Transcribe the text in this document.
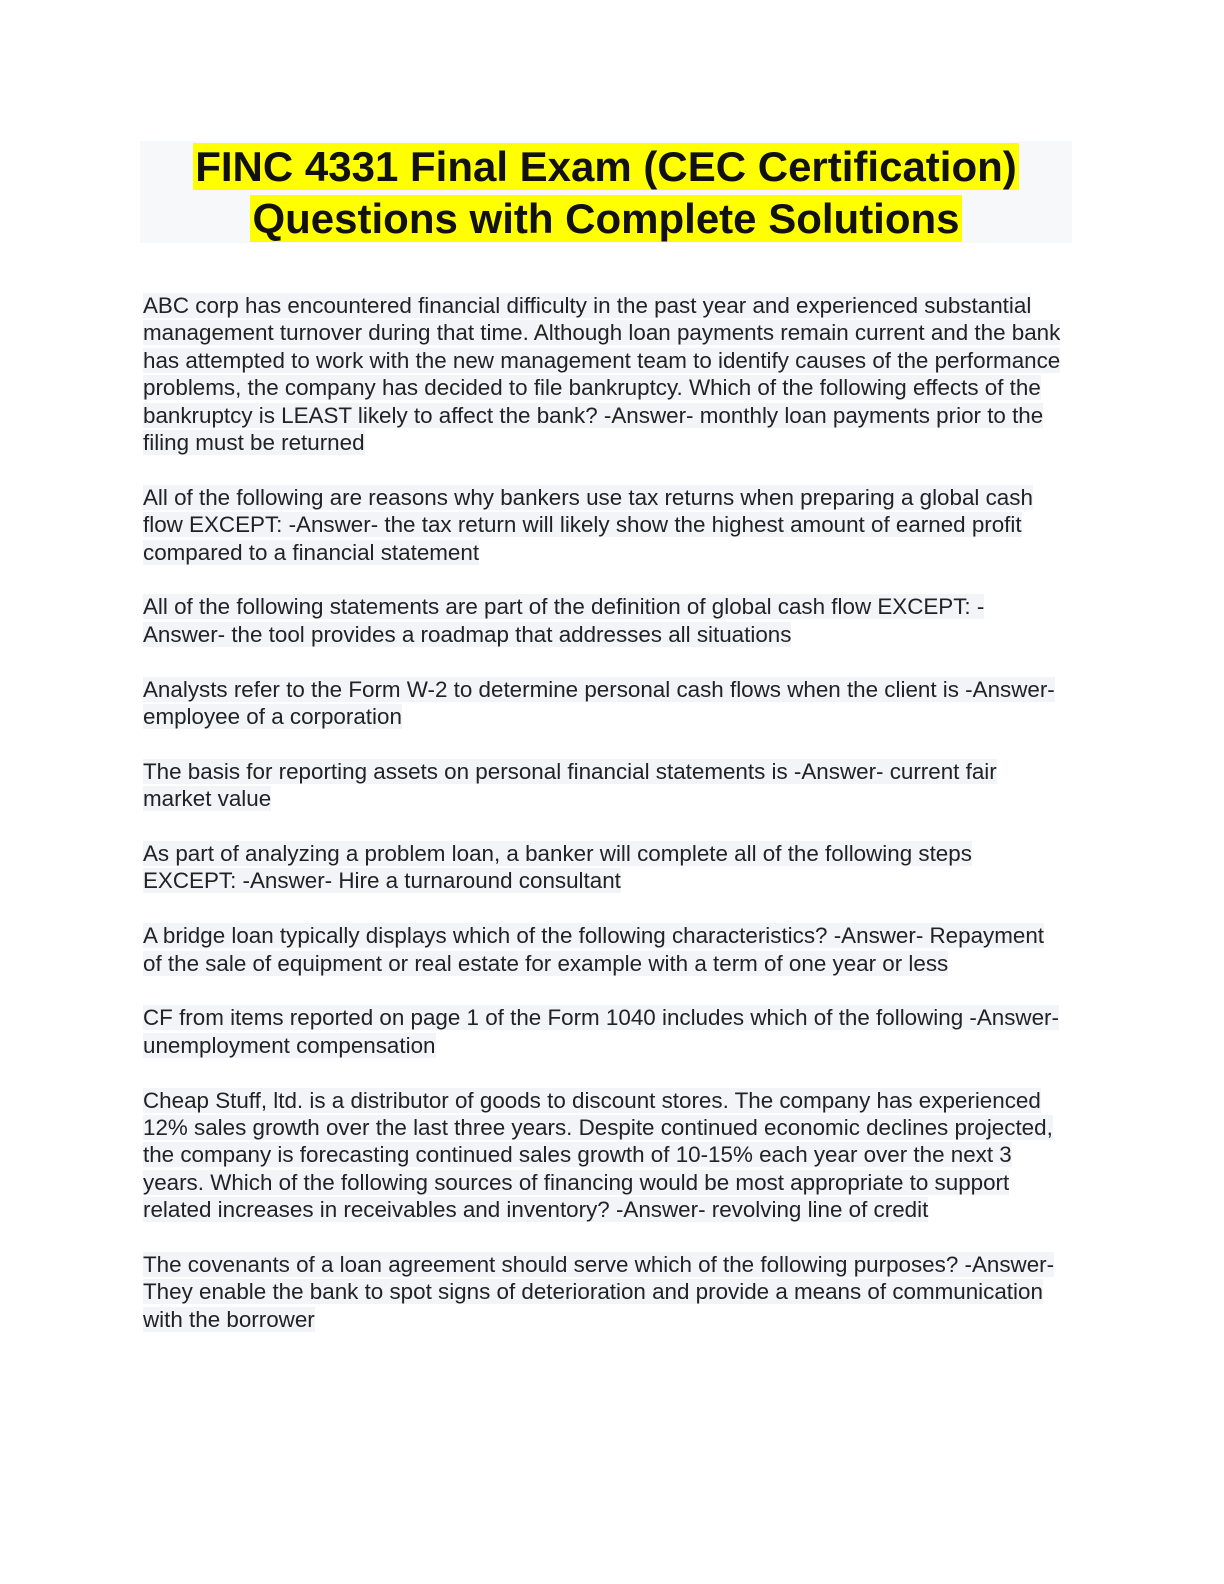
FINC 4331 Final Exam (CEC Certification)
Questions with Complete Solutions

ABC corp has encountered financial difficulty in the past year and experienced substantial management turnover during that time. Although loan payments remain current and the bank has attempted to work with the new management team to identify causes of the performance problems, the company has decided to file bankruptcy. Which of the following effects of the bankruptcy is LEAST likely to affect the bank? -Answer- monthly loan payments prior to the filing must be returned

All of the following are reasons why bankers use tax returns when preparing a global cash flow EXCEPT: -Answer- the tax return will likely show the highest amount of earned profit compared to a financial statement

All of the following statements are part of the definition of global cash flow EXCEPT: -Answer- the tool provides a roadmap that addresses all situations

Analysts refer to the Form W-2 to determine personal cash flows when the client is -Answer- employee of a corporation

The basis for reporting assets on personal financial statements is -Answer- current fair market value

As part of analyzing a problem loan, a banker will complete all of the following steps EXCEPT: -Answer- Hire a turnaround consultant

A bridge loan typically displays which of the following characteristics? -Answer- Repayment of the sale of equipment or real estate for example with a term of one year or less

CF from items reported on page 1 of the Form 1040 includes which of the following -Answer- unemployment compensation

Cheap Stuff, ltd. is a distributor of goods to discount stores. The company has experienced 12% sales growth over the last three years. Despite continued economic declines projected, the company is forecasting continued sales growth of 10-15% each year over the next 3 years. Which of the following sources of financing would be most appropriate to support related increases in receivables and inventory? -Answer- revolving line of credit

The covenants of a loan agreement should serve which of the following purposes? -Answer- They enable the bank to spot signs of deterioration and provide a means of communication with the borrower
